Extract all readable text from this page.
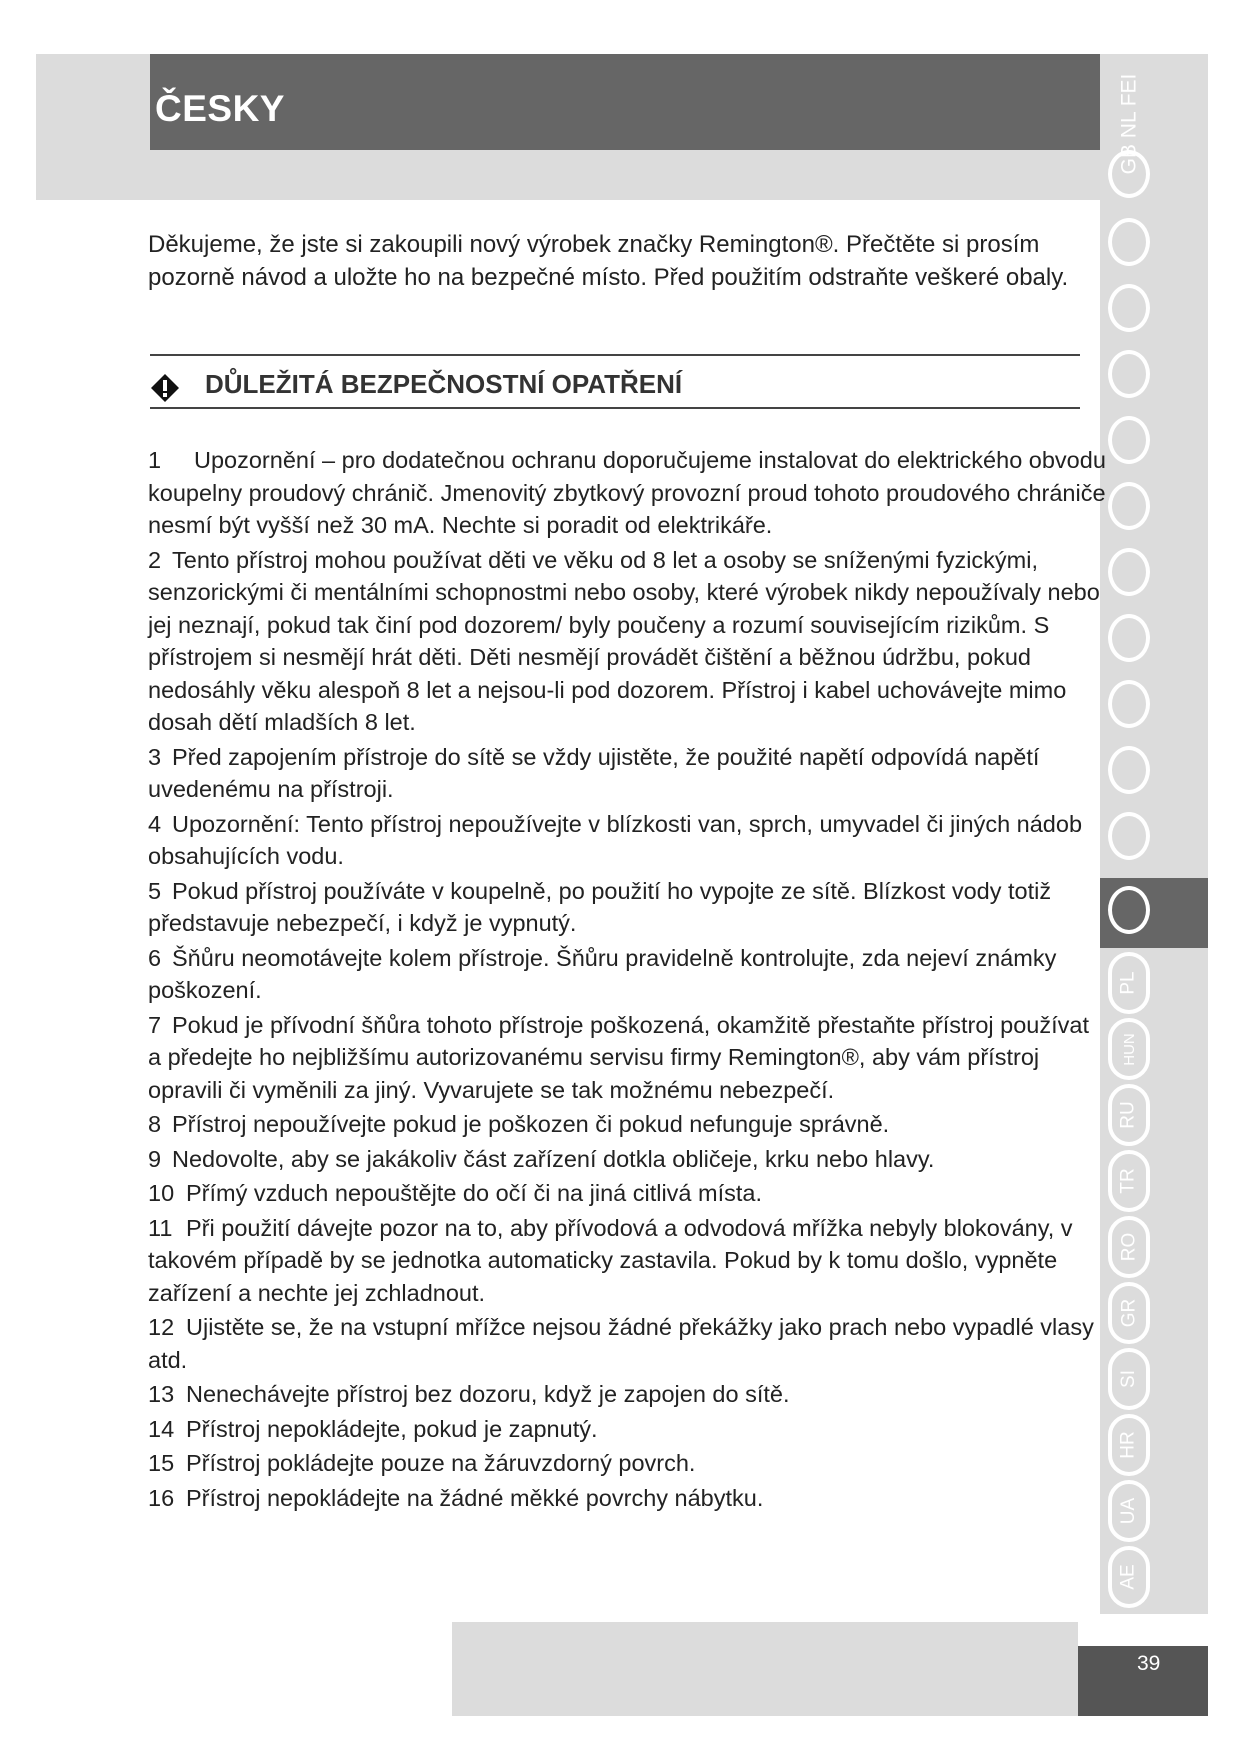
ČESKY	GB NL FEI
PL
HUN
RU
TR
RO
GR
SI
HR
UA
AE
39
Děkujeme, že jste si zakoupili nový výrobek značky Remington®. Přečtěte si prosím pozorně návod a uložte ho na bezpečné místo. Před použitím odstraňte veškeré obaly.
DŮLEŽITÁ BEZPEČNOSTNÍ OPATŘENÍ
1 Upozornění – pro dodatečnou ochranu doporučujeme instalovat do elektrického obvodu koupelny proudový chránič. Jmenovitý zbytkový provozní proud tohoto proudového chrániče nesmí být vyšší než 30 mA. Nechte si poradit od elektrikáře.
2 Tento přístroj mohou používat děti ve věku od 8 let a osoby se sníženými fyzickými, senzorickými či mentálními schopnostmi nebo osoby, které výrobek nikdy nepoužívaly nebo jej neznají, pokud tak činí pod dozorem/ byly poučeny a rozumí souvisejícím rizikům. S přístrojem si nesmějí hrát děti. Děti nesmějí provádět čištění a běžnou údržbu, pokud nedosáhly věku alespoň 8 let a nejsou-li pod dozorem. Přístroj i kabel uchovávejte mimo dosah dětí mladších 8 let.
3 Před zapojením přístroje do sítě se vždy ujistěte, že použité napětí odpovídá napětí uvedenému na přístroji.
4 Upozornění: Tento přístroj nepoužívejte v blízkosti van, sprch, umyvadel či jiných nádob obsahujících vodu.
5 Pokud přístroj používáte v koupelně, po použití ho vypojte ze sítě. Blízkost vody totiž představuje nebezpečí, i když je vypnutý.
6 Šňůru neomotávejte kolem přístroje. Šňůru pravidelně kontrolujte, zda nejeví známky poškození.
7 Pokud je přívodní šňůra tohoto přístroje poškozená, okamžitě přestaňte přístroj používat a předejte ho nejbližšímu autorizovanému servisu firmy Remington®, aby vám přístroj opravili či vyměnili za jiný. Vyvarujete se tak možnému nebezpečí.
8 Přístroj nepoužívejte pokud je poškozen či pokud nefunguje správně.
9 Nedovolte, aby se jakákoliv část zařízení dotkla obličeje, krku nebo hlavy.
10 Přímý vzduch nepouštějte do očí či na jiná citlivá místa.
11 Při použití dávejte pozor na to, aby přívodová a odvodová mřížka nebyly blokovány, v takovém případě by se jednotka automaticky zastavila. Pokud by k tomu došlo, vypněte zařízení a nechte jej zchladnout.
12 Ujistěte se, že na vstupní mřížce nejsou žádné překážky jako prach nebo vypadlé vlasy atd.
13 Nenechávejte přístroj bez dozoru, když je zapojen do sítě.
14 Přístroj nepokládejte, pokud je zapnutý.
15 Přístroj pokládejte pouze na žáruvzdorný povrch.
16 Přístroj nepokládejte na žádné měkké povrchy nábytku.
